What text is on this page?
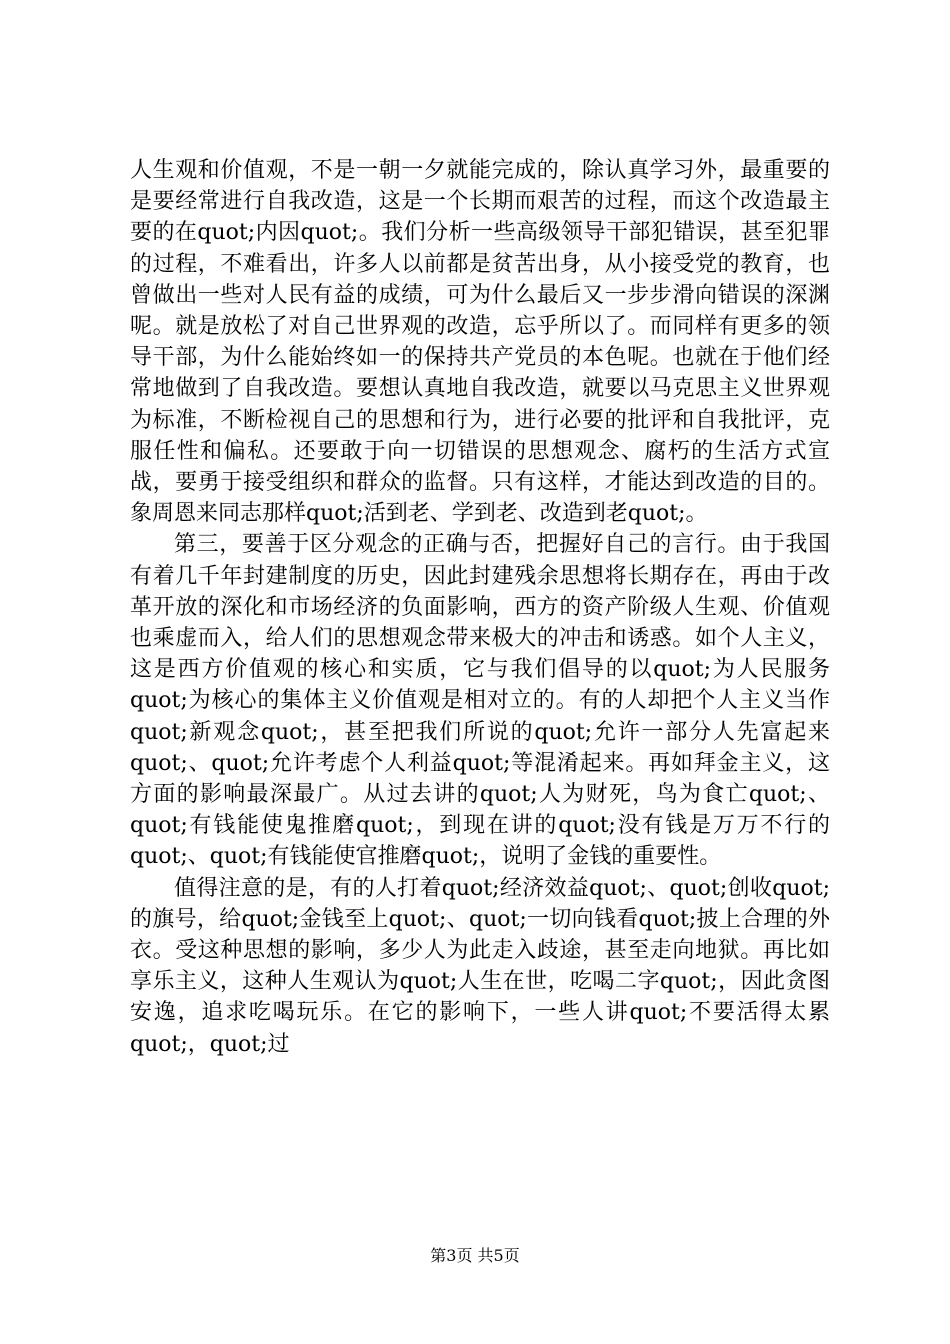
人生观和价值观，不是一朝一夕就能完成的，除认真学习外，最重要的是要经常进行自我改造，这是一个长期而艰苦的过程，而这个改造最主要的在quot;内因quot;。我们分析一些高级领导干部犯错误，甚至犯罪的过程，不难看出，许多人以前都是贫苦出身，从小接受党的教育，也曾做出一些对人民有益的成绩，可为什么最后又一步步滑向错误的深渊呢。就是放松了对自己世界观的改造，忘乎所以了。而同样有更多的领导干部，为什么能始终如一的保持共产党员的本色呢。也就在于他们经常地做到了自我改造。要想认真地自我改造，就要以马克思主义世界观为标准，不断检视自己的思想和行为，进行必要的批评和自我批评，克服任性和偏私。还要敢于向一切错误的思想观念、腐朽的生活方式宣战，要勇于接受组织和群众的监督。只有这样，才能达到改造的目的。象周恩来同志那样quot;活到老、学到老、改造到老quot;。

第三，要善于区分观念的正确与否，把握好自己的言行。由于我国有着几千年封建制度的历史，因此封建残余思想将长期存在，再由于改革开放的深化和市场经济的负面影响，西方的资产阶级人生观、价值观也乘虚而入，给人们的思想观念带来极大的冲击和诱惑。如个人主义，这是西方价值观的核心和实质，它与我们倡导的以quot;为人民服务quot;为核心的集体主义价值观是相对立的。有的人却把个人主义当作quot;新观念quot;，甚至把我们所说的quot;允许一部分人先富起来quot;、quot;允许考虑个人利益quot;等混淆起来。再如拜金主义，这方面的影响最深最广。从过去讲的quot;人为财死，鸟为食亡quot;、quot;有钱能使鬼推磨quot;，到现在讲的quot;没有钱是万万不行的quot;、quot;有钱能使官推磨quot;，说明了金钱的重要性。

值得注意的是，有的人打着quot;经济效益quot;、quot;创收quot;的旗号，给quot;金钱至上quot;、quot;一切向钱看quot;披上合理的外衣。受这种思想的影响，多少人为此走入歧途，甚至走向地狱。再比如享乐主义，这种人生观认为quot;人生在世，吃喝二字quot;，因此贪图安逸，追求吃喝玩乐。在它的影响下，一些人讲quot;不要活得太累quot;，quot;过

第3页 共5页
